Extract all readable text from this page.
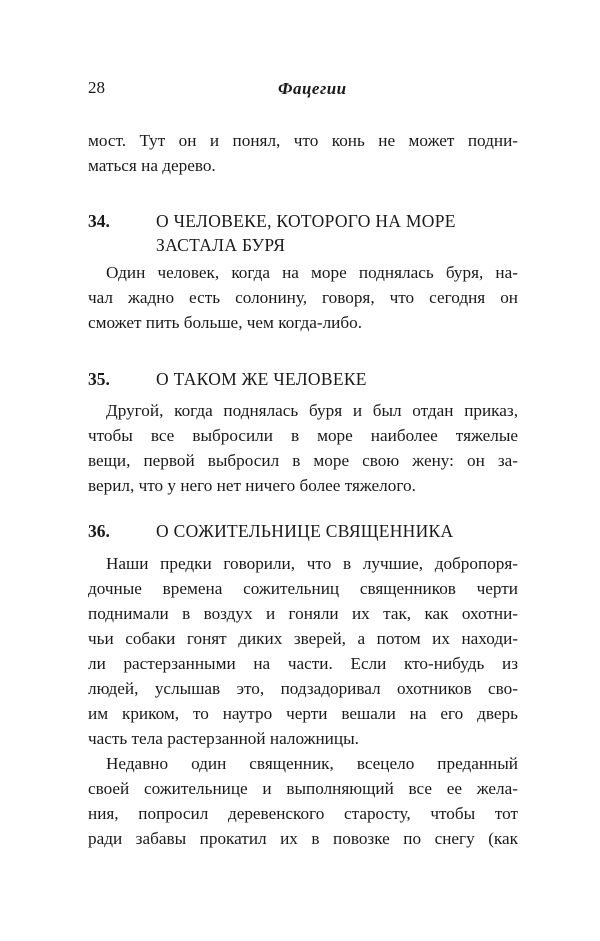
28	Фацегии

мост. Тут он и понял, что конь не может подни-
маться на дерево.

34.	О ЧЕЛОВЕКЕ, КОТОРОГО НА МОРЕ
ЗАСТАЛА БУРЯ

Один человек, когда на море поднялась буря, на-
чал жадно есть солонину, говоря, что сегодня он
сможет пить больше, чем когда-либо.

35.	О ТАКОМ ЖЕ ЧЕЛОВЕКЕ

Другой, когда поднялась буря и был отдан приказ,
чтобы все выбросили в море наиболее тяжелые
вещи, первой выбросил в море свою жену: он за-
верил, что у него нет ничего более тяжелого.

36.	О СОЖИТЕЛЬНИЦЕ СВЯЩЕННИКА

Наши предки говорили, что в лучшие, добропоря-
дочные времена сожительниц священников черти
поднимали в воздух и гоняли их так, как охотни-
чьи собаки гонят диких зверей, а потом их находи-
ли растерзанными на части. Если кто-нибудь из
людей, услышав это, подзадоривал охотников сво-
им криком, то наутро черти вешали на его дверь
часть тела растерзанной наложницы.

Недавно один священник, всецело преданный
своей сожительнице и выполняющий все ее жела-
ния, попросил деревенского старосту, чтобы тот
ради забавы прокатил их в повозке по снегу (как
